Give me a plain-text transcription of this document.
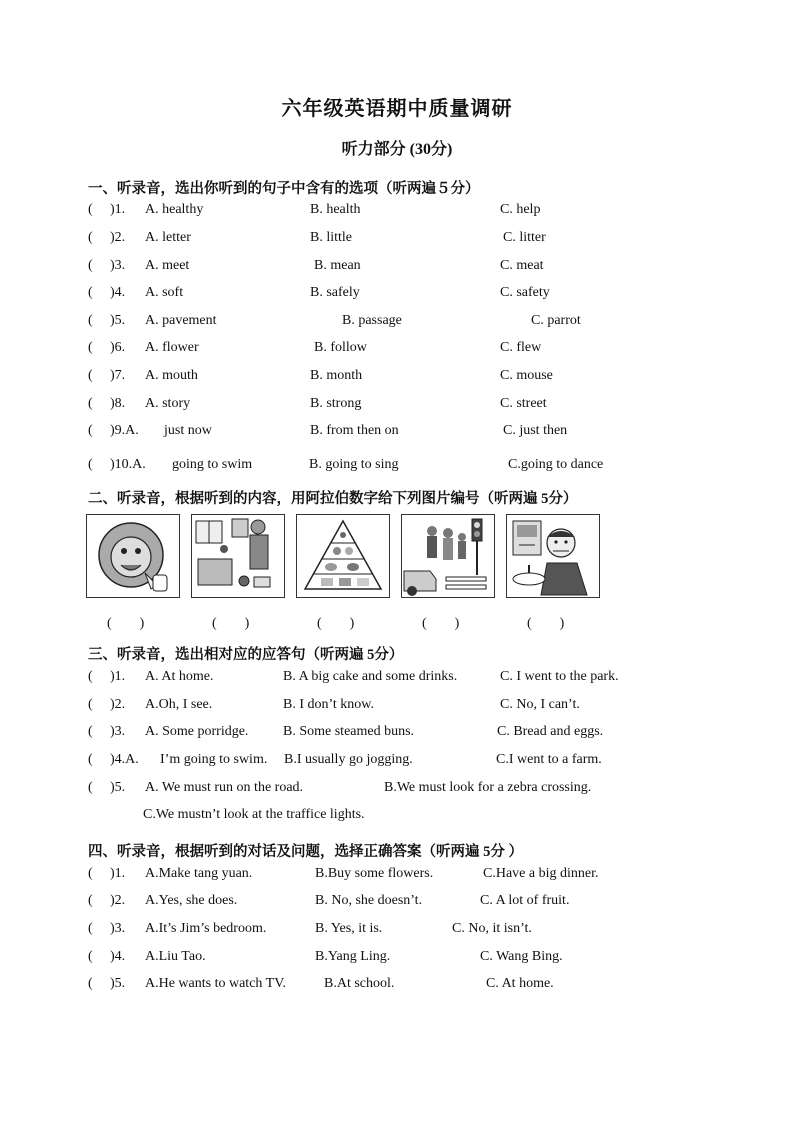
六年级英语期中质量调研
听力部分 (30分)
一、听录音，选出你听到的句子中含有的选项（听两遍５分）
( )1. A. healthy	B. health	C. help
( )2. A. letter	B. little	C. litter
( )3. A. meet	B. mean	C. meat
( )4. A. soft	B. safely	C. safety
( )5. A. pavement	B. passage	C. parrot
( )6. A. flower	B. follow	C. flew
( )7. A. mouth	B. month	C. mouse
( )8. A. story	B. strong	C. street
( )9.A. just now	B. from then on	C. just then
( )10.A. going to swim	B. going to sing	C.going to dance
二、听录音，根据听到的内容，用阿拉伯数字给下列图片编号（听两遍 5分）
(　　)	(　　)	(　　)	(　　)	(　　)
三、听录音，选出相对应的应答句（听两遍 5分）
( )1. A. At home.	B. A big cake and some drinks.	C. I went to the park.
( )2. A.Oh, I see.	B. I don’t know.	C. No, I can’t.
( )3. A. Some porridge. B. Some steamed buns.	C. Bread and eggs.
( )4.A. I’m going to swim. B.I usually go jogging.	C.I went to a farm.
( )5. A. We must run on the road.	B.We must look for a zebra crossing.
C.We mustn’t look at the traffice lights.
四、听录音，根据听到的对话及问题，选择正确答案（听两遍 5分 ）
( )1. A.Make tang yuan.	B.Buy some flowers.	C.Have a big dinner.
( )2. A.Yes, she does.	B. No, she doesn’t.	C. A lot of fruit.
( )3. A.It’s Jim’s bedroom.	B. Yes, it is.	C. No, it isn’t.
( )4. A.Liu Tao.	B.Yang Ling.	C. Wang Bing.
( )5. A.He wants to watch TV.	B.At school.	C. At home.
